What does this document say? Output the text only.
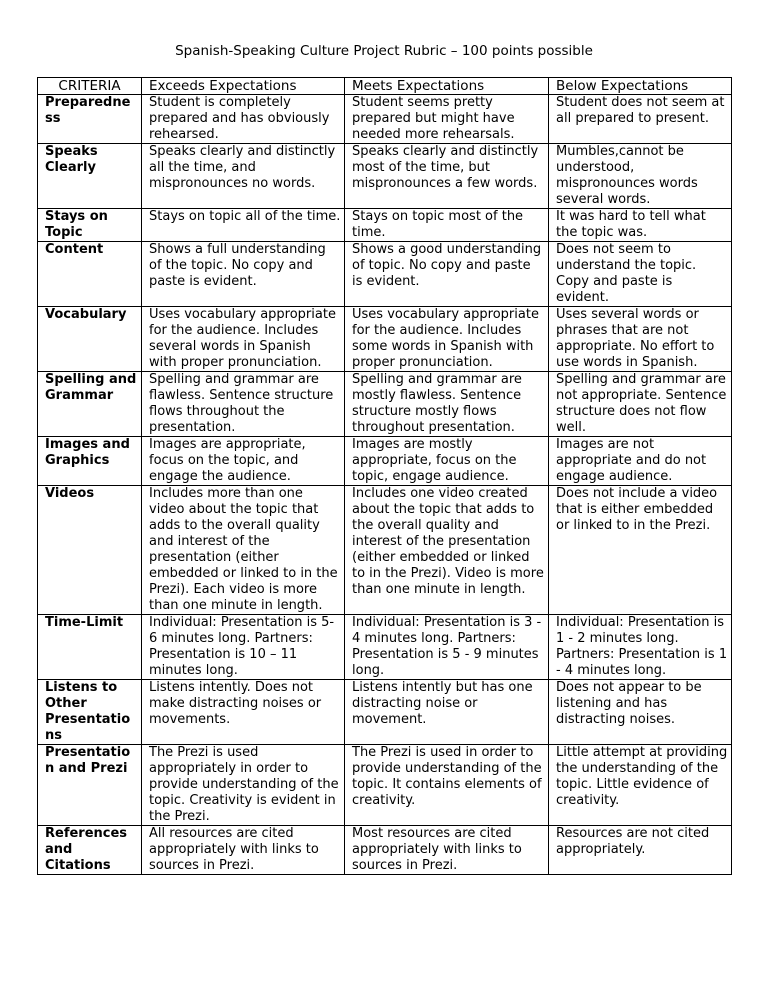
Spanish-Speaking Culture Project Rubric – 100 points possible
CRITERIA	Exceeds Expectations	Meets Expectations	Below Expectations
Preparedness	Student is completely prepared and has obviously rehearsed.	Student seems pretty prepared but might have needed more rehearsals.	Student does not seem at all prepared to present.
Speaks Clearly	Speaks clearly and distinctly all the time, and mispronounces no words.	Speaks clearly and distinctly most of the time, but mispronounces a few words.	Mumbles,cannot be understood, mispronounces words several words.
Stays on Topic	Stays on topic all of the time.	Stays on topic most of the time.	It was hard to tell what the topic was.
Content	Shows a full understanding of the topic. No copy and paste is evident.	Shows a good understanding of topic. No copy and paste is evident.	Does not seem to understand the topic. Copy and paste is evident.
Vocabulary	Uses vocabulary appropriate for the audience. Includes several words in Spanish with proper pronunciation.	Uses vocabulary appropriate for the audience. Includes some words in Spanish with proper pronunciation.	Uses several words or phrases that are not appropriate. No effort to use words in Spanish.
Spelling and Grammar	Spelling and grammar are flawless. Sentence structure flows throughout the presentation.	Spelling and grammar are mostly flawless. Sentence structure mostly flows throughout presentation.	Spelling and grammar are not appropriate. Sentence structure does not flow well.
Images and Graphics	Images are appropriate, focus on the topic, and engage the audience.	Images are mostly appropriate, focus on the topic, engage audience.	Images are not appropriate and do not engage audience.
Videos	Includes more than one video about the topic that adds to the overall quality and interest of the presentation (either embedded or linked to in the Prezi). Each video is more than one minute in length.	Includes one video created about the topic that adds to the overall quality and interest of the presentation (either embedded or linked to in the Prezi). Video is more than one minute in length.	Does not include a video that is either embedded or linked to in the Prezi.
Time-Limit	Individual: Presentation is 5-6 minutes long. Partners: Presentation is 10 – 11 minutes long.	Individual: Presentation is 3 - 4 minutes long. Partners: Presentation is 5 - 9 minutes long.	Individual: Presentation is 1 - 2 minutes long. Partners: Presentation is 1 - 4 minutes long.
Listens to Other Presentations	Listens intently. Does not make distracting noises or movements.	Listens intently but has one distracting noise or movement.	Does not appear to be listening and has distracting noises.
Presentation and Prezi	The Prezi is used appropriately in order to provide understanding of the topic. Creativity is evident in the Prezi.	The Prezi is used in order to provide understanding of the topic. It contains elements of creativity.	Little attempt at providing the understanding of the topic. Little evidence of creativity.
References and Citations	All resources are cited appropriately with links to sources in Prezi.	Most resources are cited appropriately with links to sources in Prezi.	Resources are not cited appropriately.
